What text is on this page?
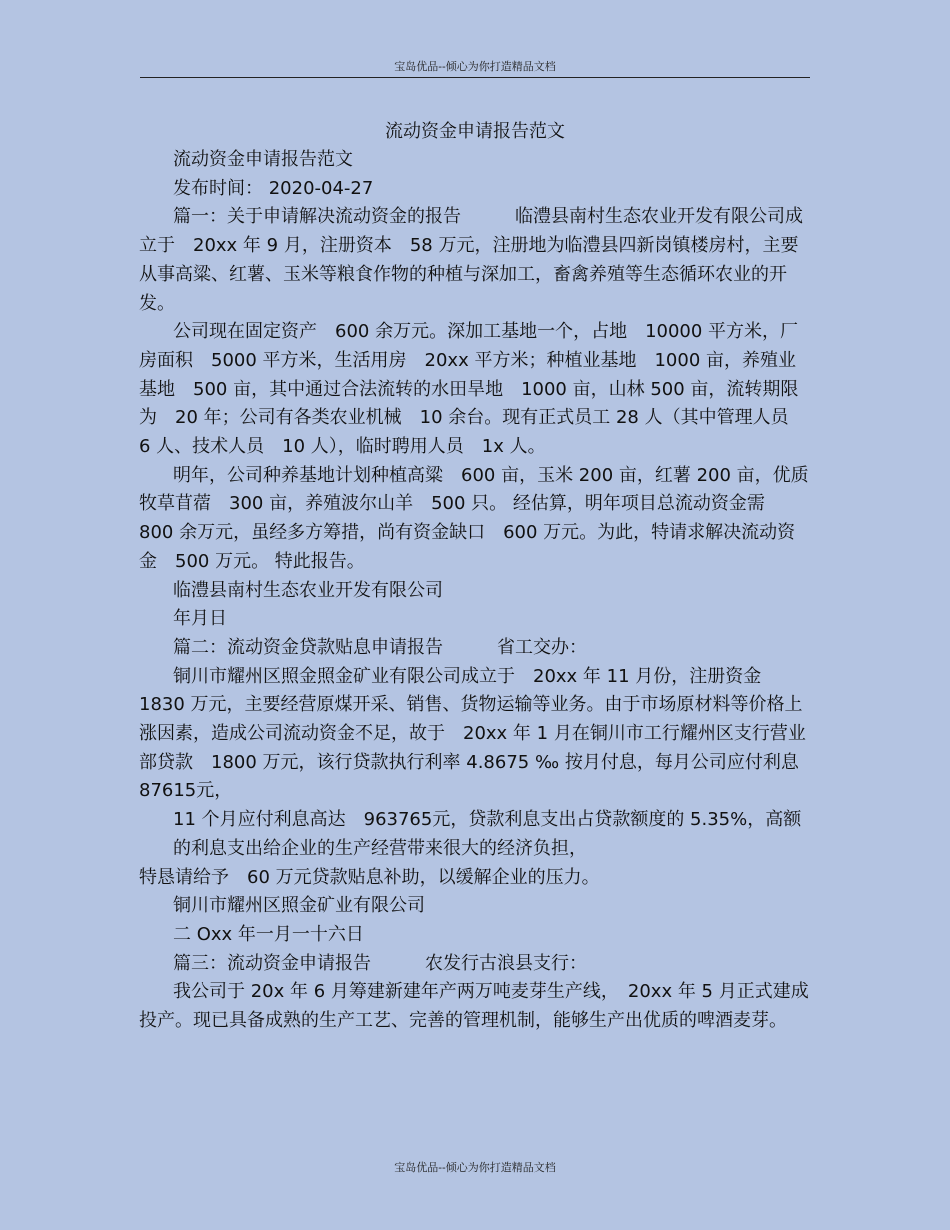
宝岛优品--倾心为你打造精品文档
流动资金申请报告范文

流动资金申请报告范文

发布时间： 2020-04-27

篇一：关于申请解决流动资金的报告　　　临澧县南村生态农业开发有限公司成立于　20xx 年 9 月，注册资本　58 万元，注册地为临澧县四新岗镇楼房村，主要从事高粱、红薯、玉米等粮食作物的种植与深加工，畜禽养殖等生态循环农业的开发。

公司现在固定资产　600 余万元。深加工基地一个，占地　10000 平方米，厂房面积　5000 平方米，生活用房　20xx 平方米；种植业基地　1000 亩，养殖业基地　500 亩，其中通过合法流转的水田旱地　1000 亩，山林 500 亩，流转期限为　20 年；公司有各类农业机械　10 余台。现有正式员工 28 人（其中管理人员　6 人、技术人员　10 人），临时聘用人员　1x 人。

明年，公司种养基地计划种植高粱　600 亩，玉米 200 亩，红薯 200 亩，优质牧草苜蓿　300 亩，养殖波尔山羊　500 只。 经估算，明年项目总流动资金需　800 余万元，虽经多方筹措，尚有资金缺口　600 万元。为此，特请求解决流动资金　500 万元。 特此报告。

临澧县南村生态农业开发有限公司

年月日

篇二：流动资金贷款贴息申请报告　　　省工交办：

铜川市耀州区照金照金矿业有限公司成立于　20xx 年 11 月份，注册资金 1830 万元，主要经营原煤开采、销售、货物运输等业务。由于市场原材料等价格上涨因素，造成公司流动资金不足，故于　20xx 年 1 月在铜川市工行耀州区支行营业部贷款　1800 万元，该行贷款执行利率 4.8675 ‰ 按月付息，每月公司应付利息　87615元，

11 个月应付利息高达　963765元，贷款利息支出占贷款额度的 5.35%，高额的利息支出给企业的生产经营带来很大的经济负担，

特恳请给予　60 万元贷款贴息补助，以缓解企业的压力。

铜川市耀州区照金矿业有限公司

二 Oxx 年一月一十六日

篇三：流动资金申请报告　　　农发行古浪县支行：

我公司于 20x 年 6 月筹建新建年产两万吨麦芽生产线，　20xx 年 5 月正式建成投产。现已具备成熟的生产工艺、完善的管理机制，能够生产出优质的啤酒麦芽。

宝岛优品--倾心为你打造精品文档
